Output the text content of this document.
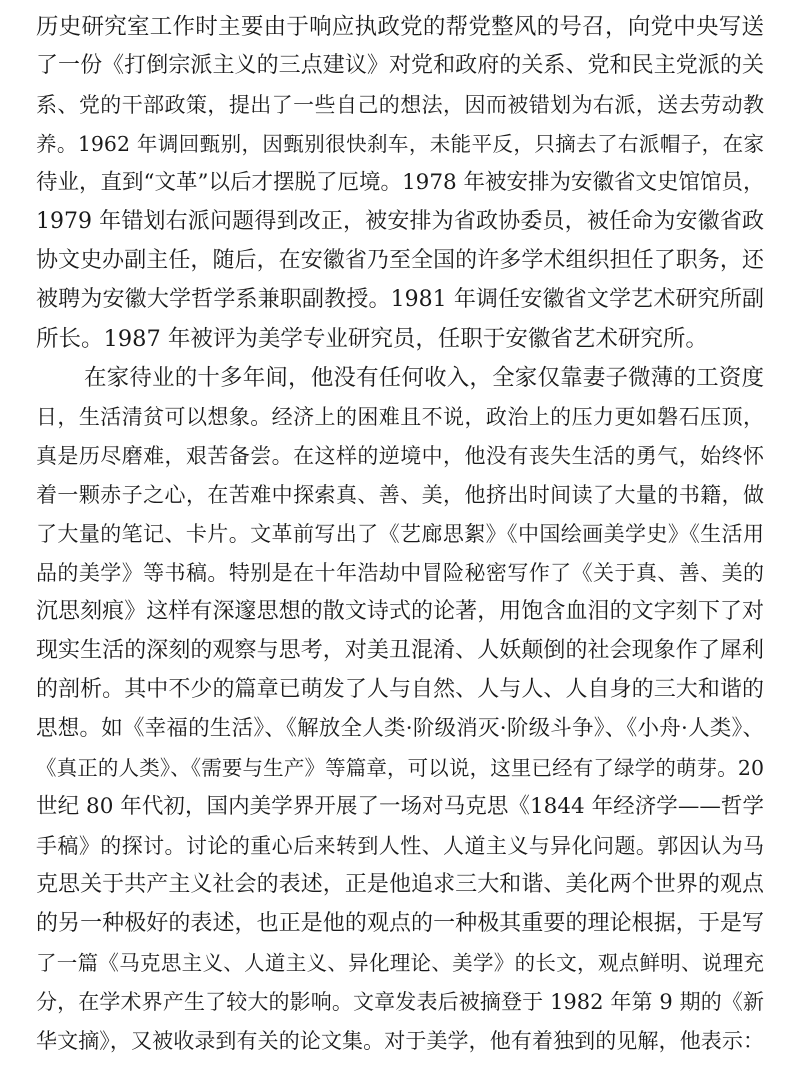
历史研究室工作时主要由于响应执政党的帮党整风的号召，向党中央写送
了一份《打倒宗派主义的三点建议》对党和政府的关系、党和民主党派的关
系、党的干部政策，提出了一些自己的想法，因而被错划为右派，送去劳动教
养。1962 年调回甄别，因甄别很快刹车，未能平反，只摘去了右派帽子，在家
待业，直到“文革”以后才摆脱了厄境。1978 年被安排为安徽省文史馆馆员，
1979 年错划右派问题得到改正，被安排为省政协委员，被任命为安徽省政
协文史办副主任，随后，在安徽省乃至全国的许多学术组织担任了职务，还
被聘为安徽大学哲学系兼职副教授。1981 年调任安徽省文学艺术研究所副
所长。1987 年被评为美学专业研究员，任职于安徽省艺术研究所。
在家待业的十多年间，他没有任何收入，全家仅靠妻子微薄的工资度
日，生活清贫可以想象。经济上的困难且不说，政治上的压力更如磐石压顶，
真是历尽磨难，艰苦备尝。在这样的逆境中，他没有丧失生活的勇气，始终怀
着一颗赤子之心，在苦难中探索真、善、美，他挤出时间读了大量的书籍，做
了大量的笔记、卡片。文革前写出了《艺廊思絮》《中国绘画美学史》《生活用
品的美学》等书稿。特别是在十年浩劫中冒险秘密写作了《关于真、善、美的
沉思刻痕》这样有深邃思想的散文诗式的论著，用饱含血泪的文字刻下了对
现实生活的深刻的观察与思考，对美丑混淆、人妖颠倒的社会现象作了犀利
的剖析。其中不少的篇章已萌发了人与自然、人与人、人自身的三大和谐的
思想。如《幸福的生活》、《解放全人类·阶级消灭·阶级斗争》、《小舟·人类》、
《真正的人类》、《需要与生产》等篇章，可以说，这里已经有了绿学的萌芽。20
世纪 80 年代初，国内美学界开展了一场对马克思《1844 年经济学——哲学
手稿》的探讨。讨论的重心后来转到人性、人道主义与异化问题。郭因认为马
克思关于共产主义社会的表述，正是他追求三大和谐、美化两个世界的观点
的另一种极好的表述，也正是他的观点的一种极其重要的理论根据，于是写
了一篇《马克思主义、人道主义、异化理论、美学》的长文，观点鲜明、说理充
分，在学术界产生了较大的影响。文章发表后被摘登于 1982 年第 9 期的《新
华文摘》，又被收录到有关的论文集。对于美学，他有着独到的见解，他表示：
